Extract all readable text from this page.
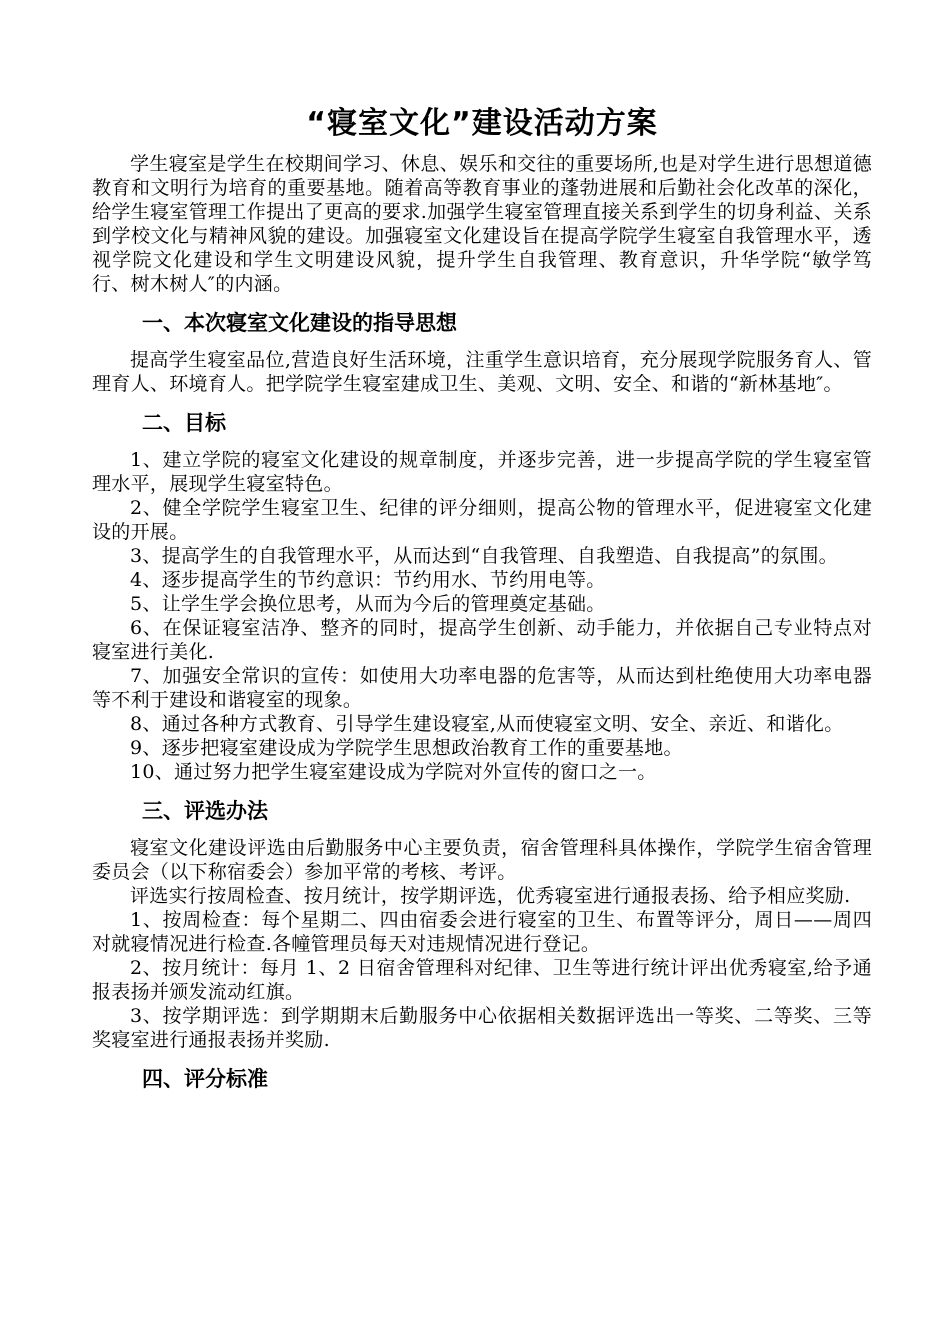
“寝室文化”建设活动方案

学生寝室是学生在校期间学习、休息、娱乐和交往的重要场所,也是对学生进行思想道德教育和文明行为培育的重要基地。随着高等教育事业的蓬勃进展和后勤社会化改革的深化，给学生寝室管理工作提出了更高的要求.加强学生寝室管理直接关系到学生的切身利益、关系到学校文化与精神风貌的建设。加强寝室文化建设旨在提高学院学生寝室自我管理水平，透视学院文化建设和学生文明建设风貌，提升学生自我管理、教育意识，升华学院“敏学笃行、树木树人″的内涵。

一、本次寝室文化建设的指导思想

提高学生寝室品位,营造良好生活环境，注重学生意识培育，充分展现学院服务育人、管理育人、环境育人。把学院学生寝室建成卫生、美观、文明、安全、和谐的“新林基地″。

二、目标

1、建立学院的寝室文化建设的规章制度，并逐步完善，进一步提高学院的学生寝室管理水平，展现学生寝室特色。

2、健全学院学生寝室卫生、纪律的评分细则，提高公物的管理水平，促进寝室文化建设的开展。

3、提高学生的自我管理水平，从而达到“自我管理、自我塑造、自我提高”的氛围。

4、逐步提高学生的节约意识：节约用水、节约用电等。

5、让学生学会换位思考，从而为今后的管理奠定基础。

6、在保证寝室洁净、整齐的同时，提高学生创新、动手能力，并依据自己专业特点对寝室进行美化.

7、加强安全常识的宣传：如使用大功率电器的危害等，从而达到杜绝使用大功率电器等不利于建设和谐寝室的现象。

8、通过各种方式教育、引导学生建设寝室,从而使寝室文明、安全、亲近、和谐化。

9、逐步把寝室建设成为学院学生思想政治教育工作的重要基地。

10、通过努力把学生寝室建设成为学院对外宣传的窗口之一。

三、评选办法

寝室文化建设评选由后勤服务中心主要负责，宿舍管理科具体操作，学院学生宿舍管理委员会（以下称宿委会）参加平常的考核、考评。

评选实行按周检查、按月统计，按学期评选，优秀寝室进行通报表扬、给予相应奖励.

1、按周检查：每个星期二、四由宿委会进行寝室的卫生、布置等评分，周日——周四对就寝情况进行检查.各幢管理员每天对违规情况进行登记。

2、按月统计：每月 1、2 日宿舍管理科对纪律、卫生等进行统计评出优秀寝室,给予通报表扬并颁发流动红旗。

3、按学期评选：到学期期末后勤服务中心依据相关数据评选出一等奖、二等奖、三等奖寝室进行通报表扬并奖励.

四、评分标准
